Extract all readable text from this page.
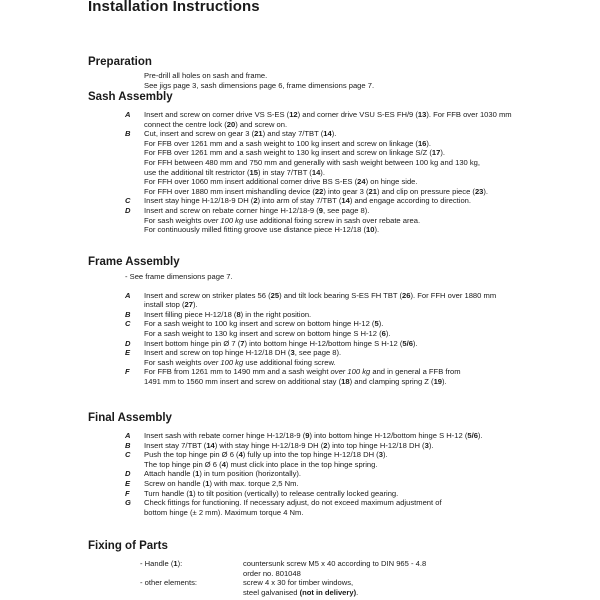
Installation Instructions
Preparation
Pre-drill all holes on sash and frame.
See jigs page 3, sash dimensions page 6, frame dimensions page 7.
Sash Assembly
A	Insert and screw on corner drive VS S-ES (12) and corner drive VSU S-ES FH/9 (13). For FFB over 1030 mm
connect the centre lock (20) and screw on.
B	Cut, insert and screw on gear 3 (21) and stay 7/TBT (14).
For FFB over 1261 mm and a sash weight to 100 kg insert and screw on linkage (16).
For FFB over 1261 mm and a sash weight to 130 kg insert and screw on linkage S/Z (17).
For FFH between 480 mm and 750 mm and generally with sash weight between 100 kg and 130 kg,
use the additional tilt restrictor (15) in stay 7/TBT (14).
For FFH over 1060 mm insert additional corner drive BS S-ES (24) on hinge side.
For FFH over 1880 mm insert mishandling device (22) into gear 3 (21) and clip on pressure piece (23).
C	Insert stay hinge H-12/18-9 DH (2) into arm of stay 7/TBT (14) and engage according to direction.
D	Insert and screw on rebate corner hinge H-12/18-9 (9, see page 8).
For sash weights over 100 kg use additional fixing screw in sash over rebate area.
For continuously milled fitting groove use distance piece H-12/18 (10).
Frame Assembly
- See frame dimensions page 7.
A	Insert and screw on striker plates 56 (25) and tilt lock bearing S-ES FH TBT (26). For FFH over 1880 mm
install stop (27).
B	Insert filling piece H-12/18 (8) in the right position.
C	For a sash weight to 100 kg insert and screw on bottom hinge H-12 (5).
For a sash weight to 130 kg insert and screw on bottom hinge S H-12 (6).
D	Insert bottom hinge pin Ø 7 (7) into bottom hinge H-12/bottom hinge S H-12 (5/6).
E	Insert and screw on top hinge H-12/18 DH (3, see page 8).
For sash weights over 100 kg use additional fixing screw.
F	For FFB from 1261 mm to 1490 mm and a sash weight over 100 kg and in general a FFB from
1491 mm to 1560 mm insert and screw on additional stay (18) and clamping spring Z (19).
Final Assembly
A	Insert sash with rebate corner hinge H-12/18-9 (9) into bottom hinge H-12/bottom hinge S H-12 (5/6).
B	Insert stay 7/TBT (14) with stay hinge H-12/18-9 DH (2) into top hinge H-12/18 DH (3).
C	Push the top hinge pin Ø 6 (4) fully up into the top hinge H-12/18 DH (3).
The top hinge pin Ø 6 (4) must click into place in the top hinge spring.
D	Attach handle (1) in turn position (horizontally).
E	Screw on handle (1) with max. torque 2,5 Nm.
F	Turn handle (1) to tilt position (vertically) to release centrally locked gearing.
G	Check fittings for functioning. If necessary adjust, do not exceed maximum adjustment of
bottom hinge (± 2 mm). Maximum torque 4 Nm.
Fixing of Parts
- Handle (1):	countersunk screw M5 x 40 according to DIN 965 - 4.8
order no. 801048
- other elements:	screw 4 x 30 for timber windows,
steel galvanised (not in delivery).
